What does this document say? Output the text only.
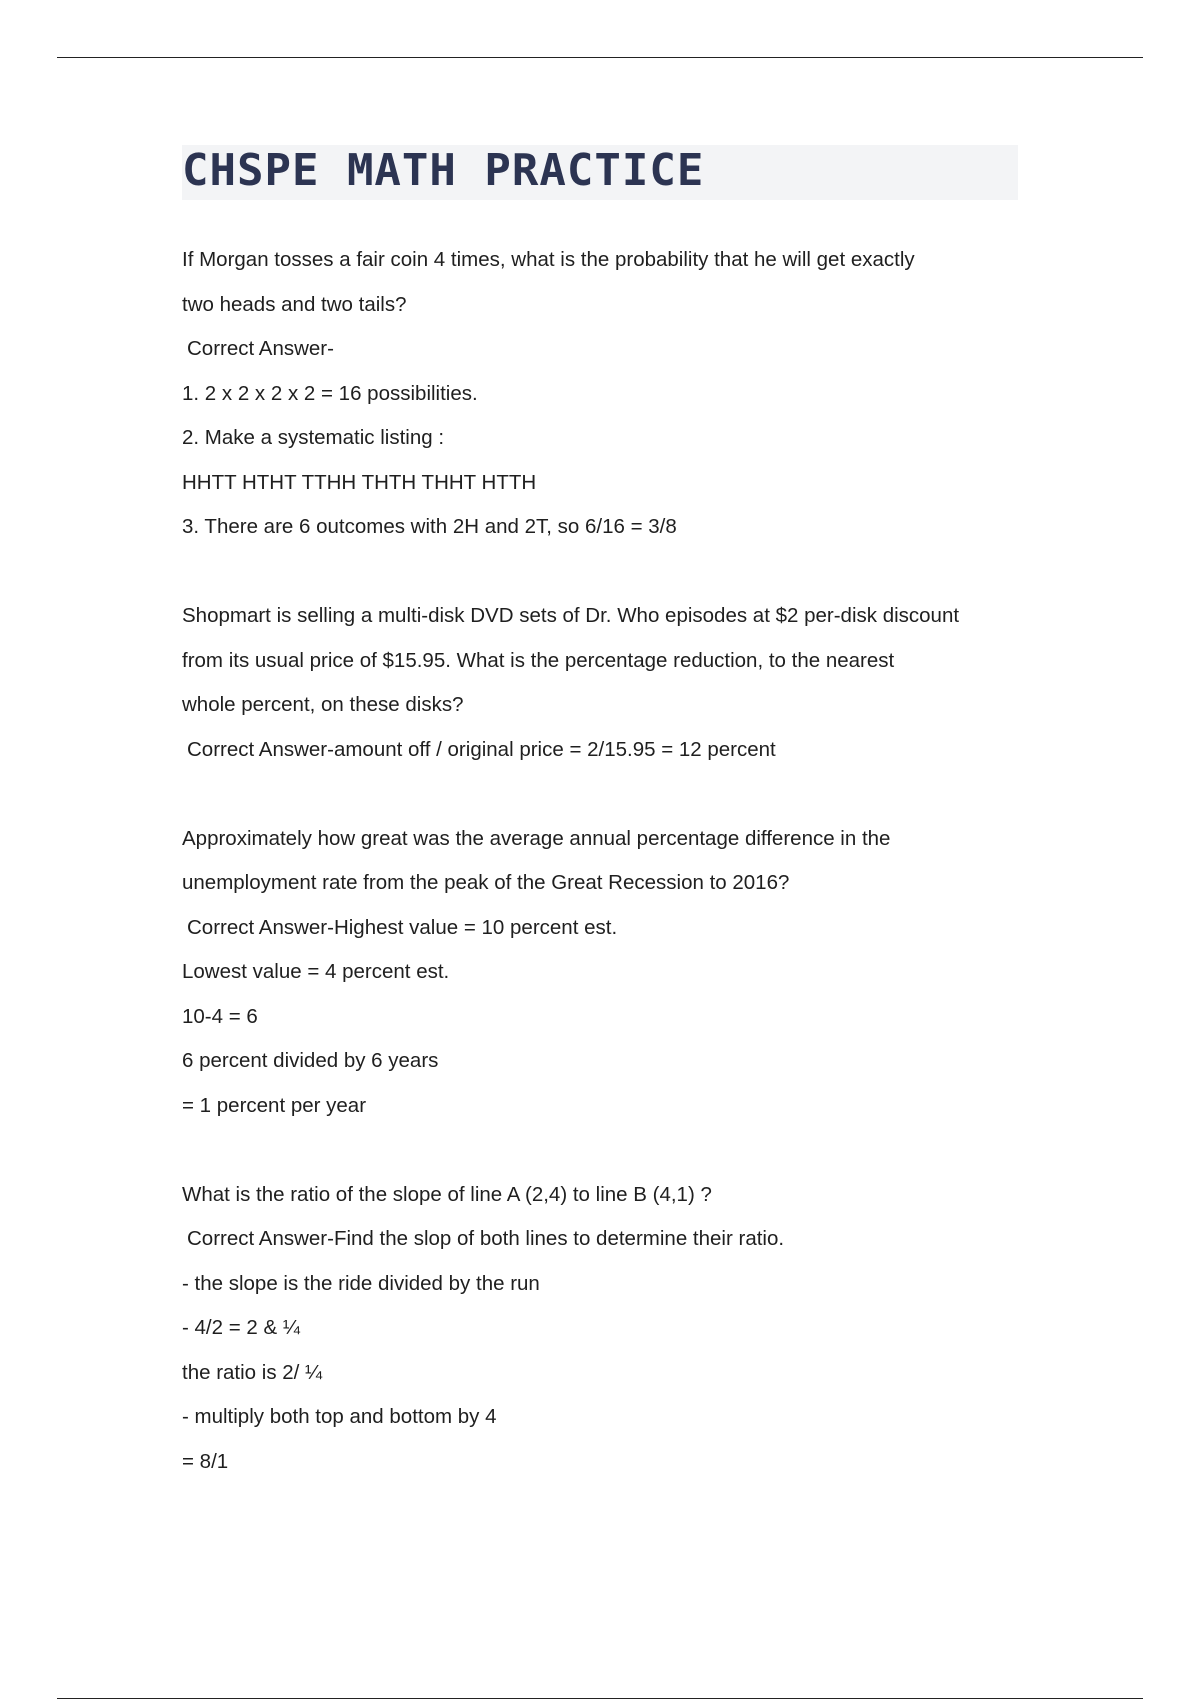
CHSPE MATH PRACTICE
If Morgan tosses a fair coin 4 times, what is the probability that he will get exactly
two heads and two tails?
Correct Answer-
1. 2 x 2 x 2 x 2 = 16 possibilities.
2. Make a systematic listing :
HHTT HTHT TTHH THTH THHT HTTH
3. There are 6 outcomes with 2H and 2T, so 6/16 = 3/8
Shopmart is selling a multi-disk DVD sets of Dr. Who episodes at $2 per-disk discount
from its usual price of $15.95. What is the percentage reduction, to the nearest
whole percent, on these disks?
Correct Answer-amount off / original price = 2/15.95 = 12 percent
Approximately how great was the average annual percentage difference in the
unemployment rate from the peak of the Great Recession to 2016?
Correct Answer-Highest value = 10 percent est.
Lowest value = 4 percent est.
10-4 = 6
6 percent divided by 6 years
= 1 percent per year
What is the ratio of the slope of line A (2,4) to line B (4,1) ?
Correct Answer-Find the slop of both lines to determine their ratio.
- the slope is the ride divided by the run
- 4/2 = 2 & ¼
the ratio is 2/ ¼
- multiply both top and bottom by 4
= 8/1
